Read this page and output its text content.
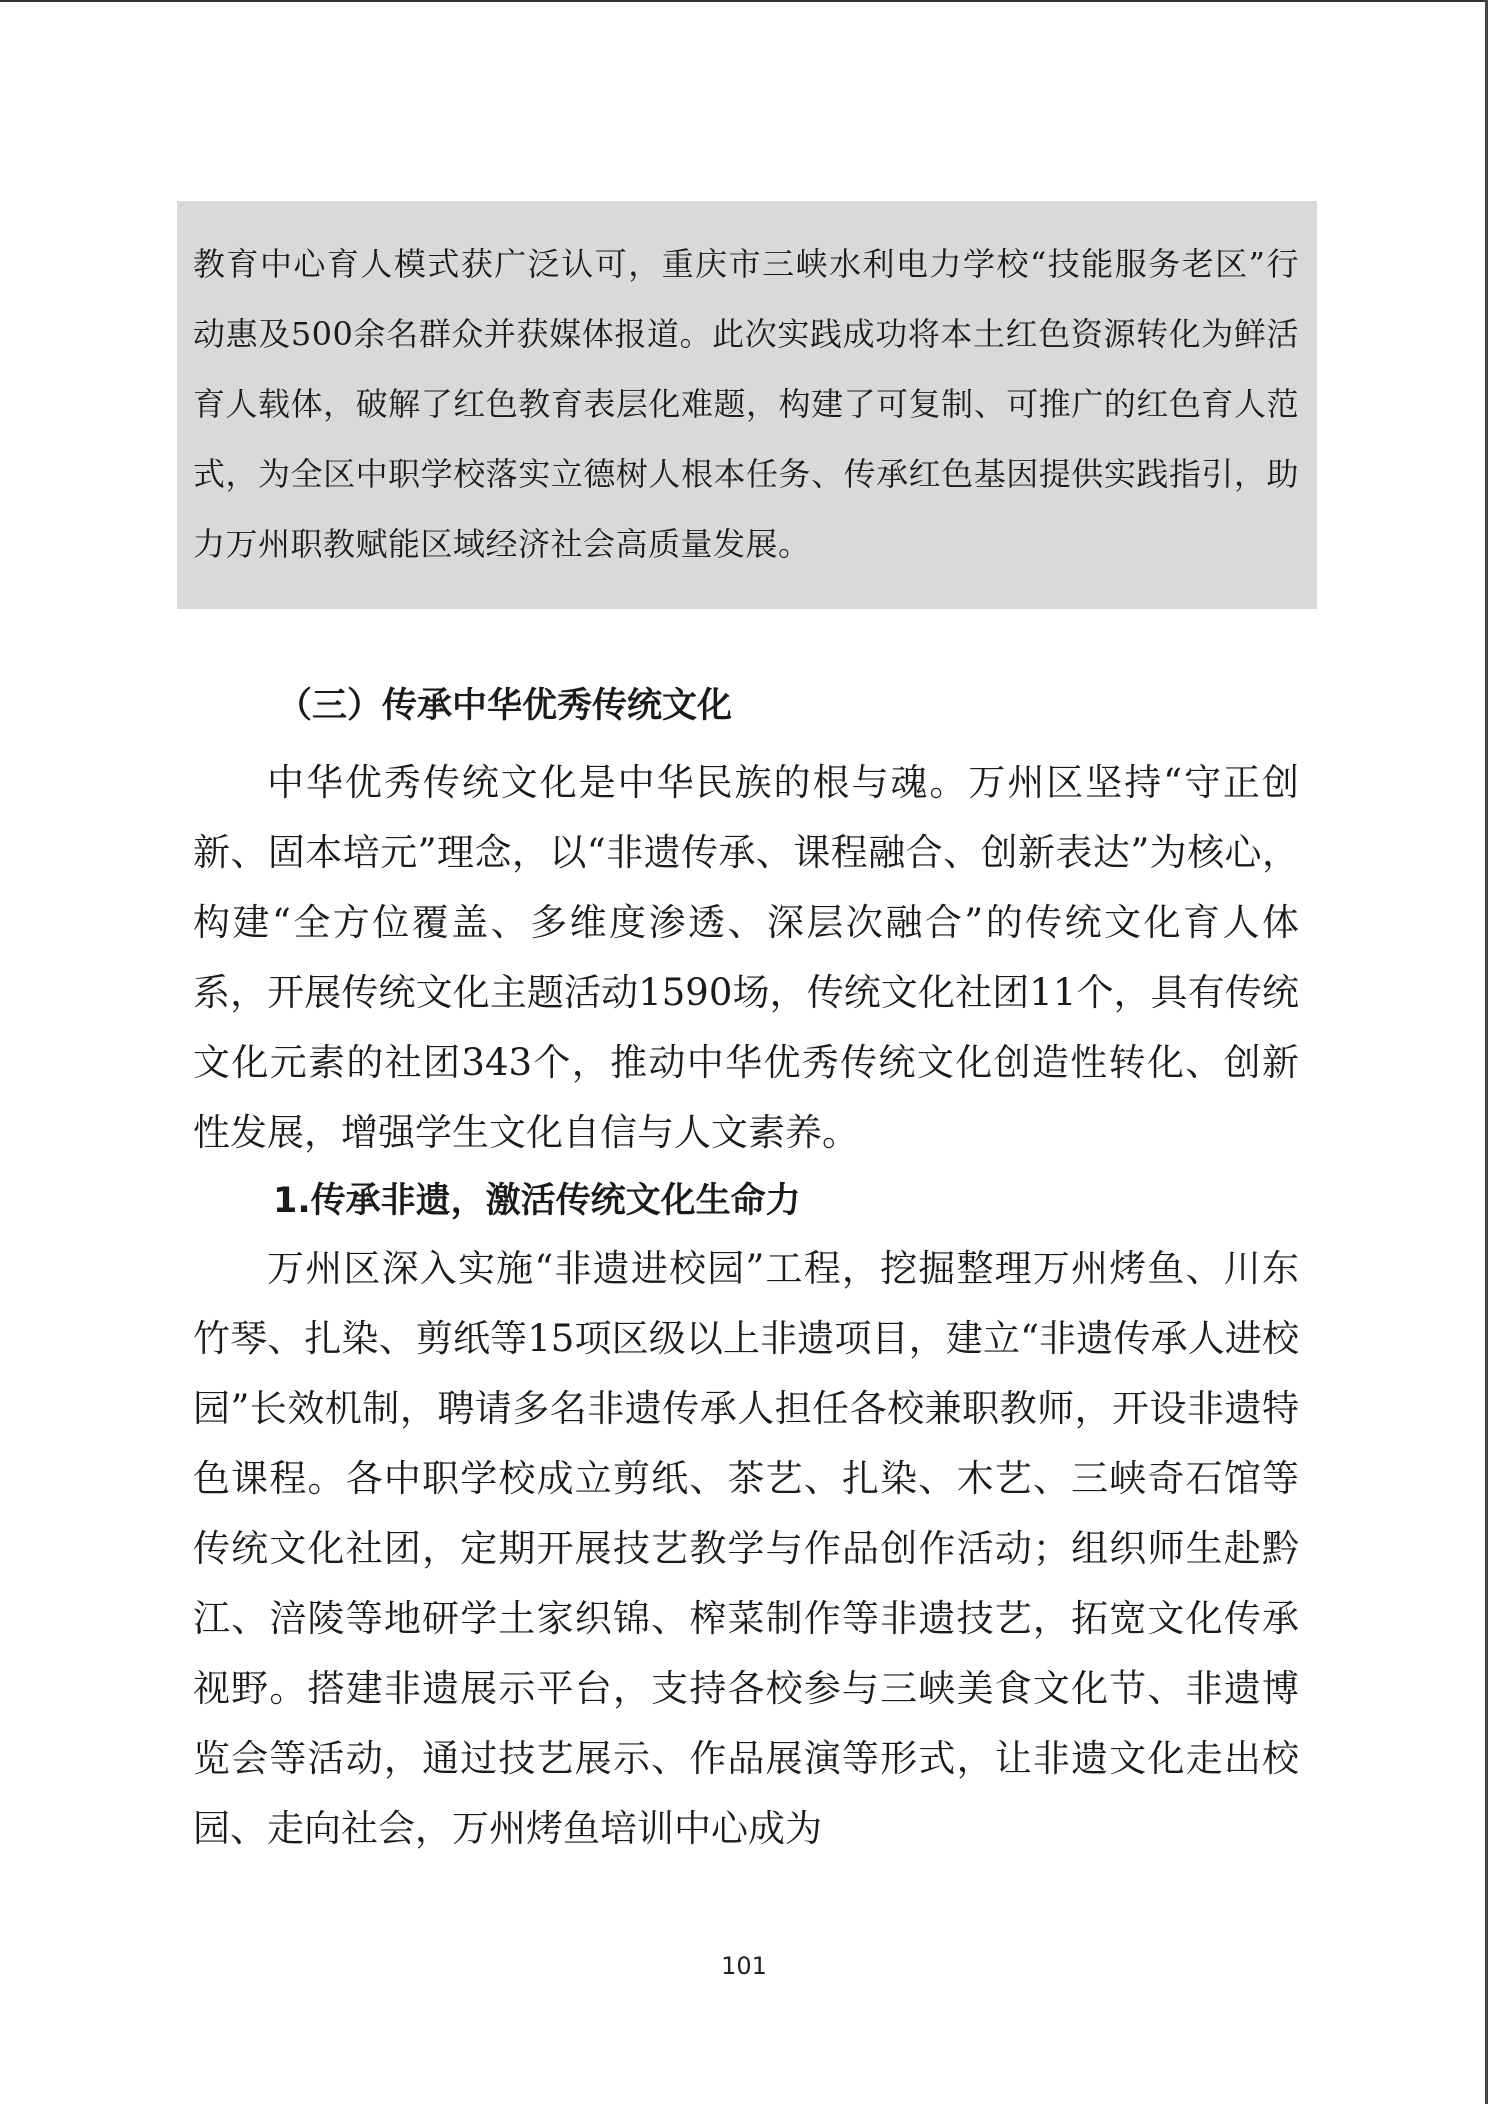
教育中心育人模式获广泛认可，重庆市三峡水利电力学校“技能服务老区”行动惠及500余名群众并获媒体报道。此次实践成功将本土红色资源转化为鲜活育人载体，破解了红色教育表层化难题，构建了可复制、可推广的红色育人范式，为全区中职学校落实立德树人根本任务、传承红色基因提供实践指引，助力万州职教赋能区域经济社会高质量发展。

（三）传承中华优秀传统文化

中华优秀传统文化是中华民族的根与魂。万州区坚持“守正创新、固本培元”理念，以“非遗传承、课程融合、创新表达”为核心，构建“全方位覆盖、多维度渗透、深层次融合”的传统文化育人体系，开展传统文化主题活动1590场，传统文化社团11个，具有传统文化元素的社团343个，推动中华优秀传统文化创造性转化、创新性发展，增强学生文化自信与人文素养。

1.传承非遗，激活传统文化生命力

万州区深入实施“非遗进校园”工程，挖掘整理万州烤鱼、川东竹琴、扎染、剪纸等15项区级以上非遗项目，建立“非遗传承人进校园”长效机制，聘请多名非遗传承人担任各校兼职教师，开设非遗特色课程。各中职学校成立剪纸、茶艺、扎染、木艺、三峡奇石馆等传统文化社团，定期开展技艺教学与作品创作活动；组织师生赴黔江、涪陵等地研学土家织锦、榨菜制作等非遗技艺，拓宽文化传承视野。搭建非遗展示平台，支持各校参与三峡美食文化节、非遗博览会等活动，通过技艺展示、作品展演等形式，让非遗文化走出校园、走向社会，万州烤鱼培训中心成为

101
